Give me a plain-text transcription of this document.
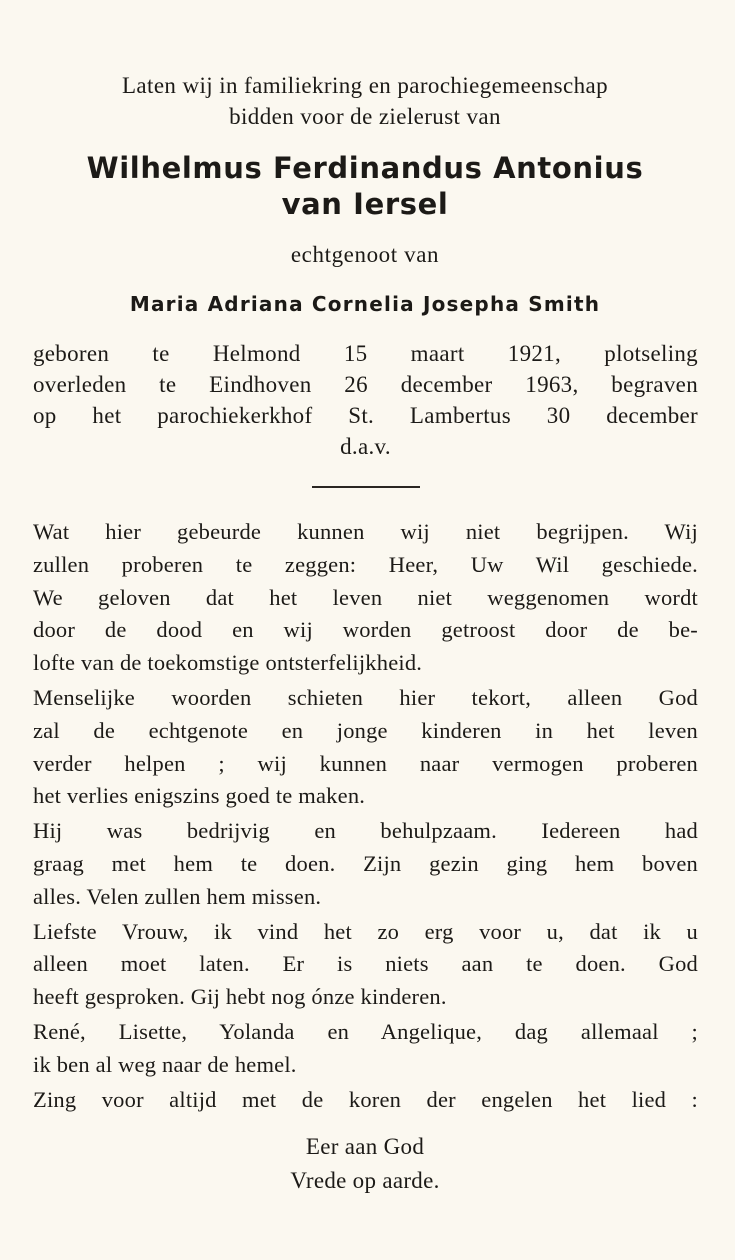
Laten wij in familiekring en parochiegemeenschap
bidden voor de zielerust van
Wilhelmus Ferdinandus Antonius
van Iersel
echtgenoot van
Maria Adriana Cornelia Josepha Smith
geboren te Helmond 15 maart 1921, plotseling
overleden te Eindhoven 26 december 1963, begraven
op het parochiekerkhof St. Lambertus 30 december
d.a.v.
Wat hier gebeurde kunnen wij niet begrijpen. Wij
zullen proberen te zeggen: Heer, Uw Wil geschiede.
We geloven dat het leven niet weggenomen wordt
door de dood en wij worden getroost door de be-
lofte van de toekomstige ontsterfelijkheid.
Menselijke woorden schieten hier tekort, alleen God
zal de echtgenote en jonge kinderen in het leven
verder helpen ; wij kunnen naar vermogen proberen
het verlies enigszins goed te maken.
Hij was bedrijvig en behulpzaam. Iedereen had
graag met hem te doen. Zijn gezin ging hem boven
alles. Velen zullen hem missen.
Liefste Vrouw, ik vind het zo erg voor u, dat ik u
alleen moet laten. Er is niets aan te doen. God
heeft gesproken. Gij hebt nog ónze kinderen.
René, Lisette, Yolanda en Angelique, dag allemaal ;
ik ben al weg naar de hemel.
Zing voor altijd met de koren der engelen het lied :
Eer aan God
Vrede op aarde.
